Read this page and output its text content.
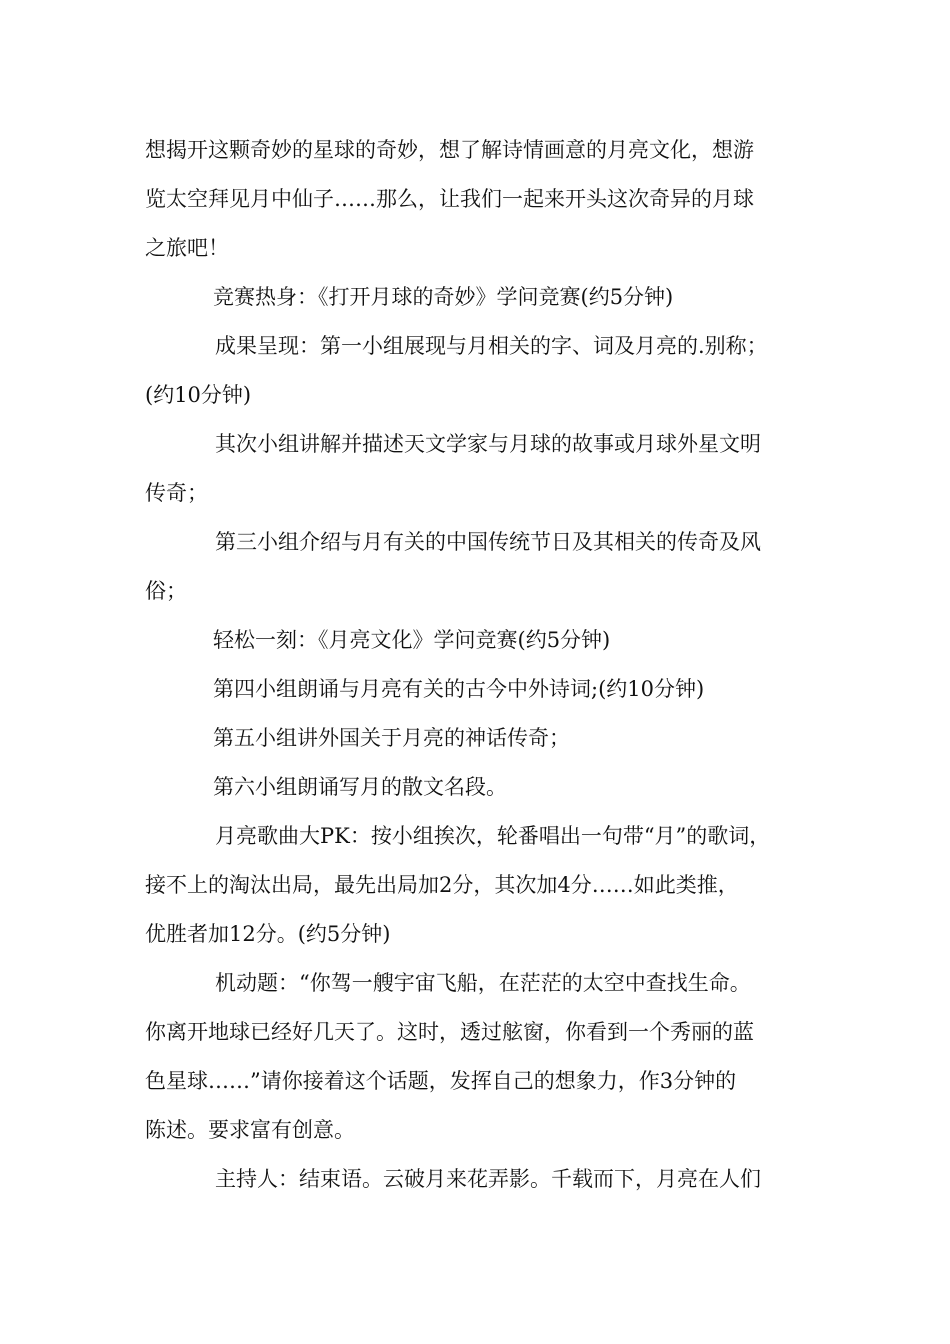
想揭开这颗奇妙的星球的奇妙，想了解诗情画意的月亮文化，想游
览太空拜见月中仙子……那么，让我们一起来开头这次奇异的月球
之旅吧！
竞赛热身：《打开月球的奇妙》学问竞赛(约5分钟)
成果呈现：第一小组展现与月相关的字、词及月亮的.别称；
(约10分钟)
其次小组讲解并描述天文学家与月球的故事或月球外星文明
传奇；
第三小组介绍与月有关的中国传统节日及其相关的传奇及风
俗；
轻松一刻：《月亮文化》学问竞赛(约5分钟)
第四小组朗诵与月亮有关的古今中外诗词;(约10分钟)
第五小组讲外国关于月亮的神话传奇；
第六小组朗诵写月的散文名段。
月亮歌曲大PK：按小组挨次，轮番唱出一句带“月”的歌词，
接不上的淘汰出局，最先出局加2分，其次加4分……如此类推，
优胜者加12分。(约5分钟)
机动题：“你驾一艘宇宙飞船，在茫茫的太空中查找生命。
你离开地球已经好几天了。这时，透过舷窗，你看到一个秀丽的蓝
色星球……”请你接着这个话题，发挥自己的想象力，作3分钟的
陈述。要求富有创意。
主持人：结束语。云破月来花弄影。千载而下，月亮在人们
